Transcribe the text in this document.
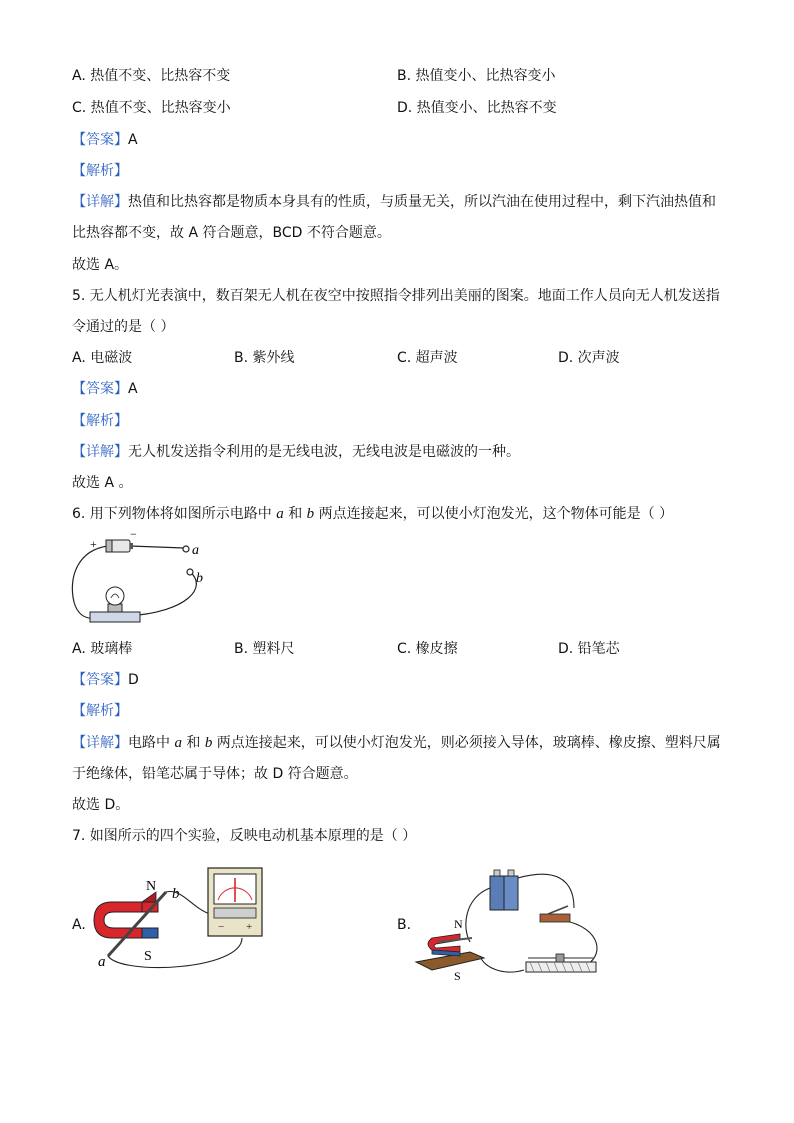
A. 热值不变、比热容不变	B. 热值变小、比热容变小
C. 热值不变、比热容变小	D. 热值变小、比热容不变
【答案】A
【解析】
【详解】热值和比热容都是物质本身具有的性质，与质量无关，所以汽油在使用过程中，剩下汽油热值和
比热容都不变，故 A 符合题意，BCD 不符合题意。
故选 A。
5. 无人机灯光表演中，数百架无人机在夜空中按照指令排列出美丽的图案。地面工作人员向无人机发送指
令通过的是（ ）
A. 电磁波	B. 紫外线	C. 超声波	D. 次声波
【答案】A
【解析】
【详解】无人机发送指令利用的是无线电波，无线电波是电磁波的一种。
故选 A 。
6. 用下列物体将如图所示电路中 a 和 b 两点连接起来，可以使小灯泡发光，这个物体可能是（ ）
+
−
a
b
A. 玻璃棒	B. 塑料尺	C. 橡皮擦	D. 铅笔芯
【答案】D
【解析】
【详解】电路中 a 和 b 两点连接起来，可以使小灯泡发光，则必须接入导体，玻璃棒、橡皮擦、塑料尺属
于绝缘体，铅笔芯属于导体；故 D 符合题意。
故选 D。
7. 如图所示的四个实验，反映电动机基本原理的是（ ）
A.
N
S
a
b
− +	B.	N
S
